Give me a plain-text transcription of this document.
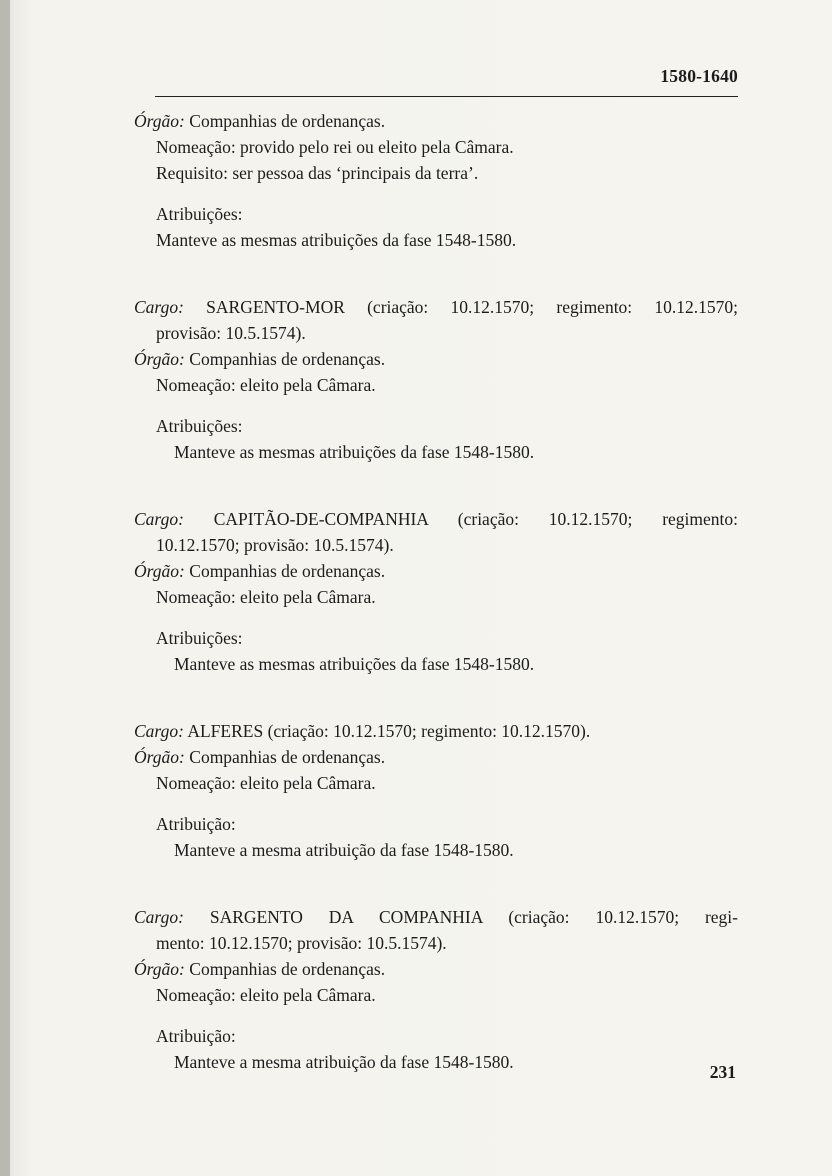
1580-1640
Órgão: Companhias de ordenanças.
Nomeação: provido pelo rei ou eleito pela Câmara.
Requisito: ser pessoa das ‘principais da terra’.
Atribuições:
Manteve as mesmas atribuições da fase 1548-1580.
Cargo: SARGENTO-MOR (criação: 10.12.1570; regimento: 10.12.1570;
provisão: 10.5.1574).
Órgão: Companhias de ordenanças.
Nomeação: eleito pela Câmara.
Atribuições:
Manteve as mesmas atribuições da fase 1548-1580.
Cargo: CAPITÃO-DE-COMPANHIA (criação: 10.12.1570; regimento:
10.12.1570; provisão: 10.5.1574).
Órgão: Companhias de ordenanças.
Nomeação: eleito pela Câmara.
Atribuições:
Manteve as mesmas atribuições da fase 1548-1580.
Cargo: ALFERES (criação: 10.12.1570; regimento: 10.12.1570).
Órgão: Companhias de ordenanças.
Nomeação: eleito pela Câmara.
Atribuição:
Manteve a mesma atribuição da fase 1548-1580.
Cargo: SARGENTO DA COMPANHIA (criação: 10.12.1570; regi-
mento: 10.12.1570; provisão: 10.5.1574).
Órgão: Companhias de ordenanças.
Nomeação: eleito pela Câmara.
Atribuição:
Manteve a mesma atribuição da fase 1548-1580.	231
